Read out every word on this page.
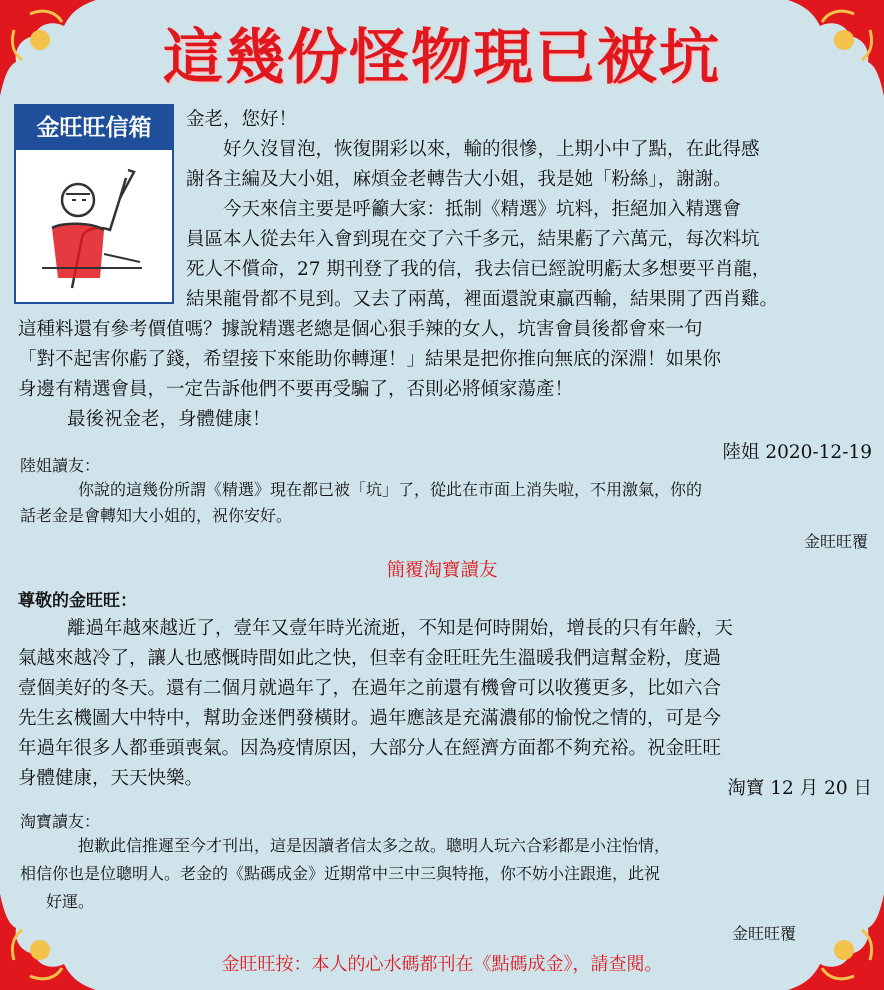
這幾份怪物現已被坑
金旺旺信箱	金老，您好！
好久沒冒泡，恢復開彩以來，輸的很慘，上期小中了點，在此得感
謝各主編及大小姐，麻煩金老轉告大小姐，我是她「粉絲」，謝謝。
今天來信主要是呼籲大家：抵制《精選》坑料，拒絕加入精選會
員區本人從去年入會到現在交了六千多元，結果虧了六萬元，每次料坑
死人不償命，27 期刊登了我的信，我去信已經說明虧太多想要平肖龍，
結果龍骨都不見到。又去了兩萬，裡面還說東贏西輸，結果開了西肖雞。
這種料還有參考價值嗎？據說精選老總是個心狠手辣的女人，坑害會員後都會來一句
「對不起害你虧了錢，希望接下來能助你轉運！」結果是把你推向無底的深淵！如果你
身邊有精選會員，一定告訴他們不要再受騙了，否則必將傾家蕩產！
最後祝金老，身體健康！
陸姐 2020-12-19
陸姐讀友：
你說的這幾份所謂《精選》現在都已被「坑」了，從此在市面上消失啦，不用激氣，你的
話老金是會轉知大小姐的，祝你安好。
金旺旺覆
簡覆淘寶讀友
尊敬的金旺旺：
離過年越來越近了，壹年又壹年時光流逝，不知是何時開始，增長的只有年齡，天
氣越來越冷了，讓人也感慨時間如此之快，但幸有金旺旺先生溫暖我們這幫金粉，度過
壹個美好的冬天。還有二個月就過年了，在過年之前還有機會可以收獲更多，比如六合
先生玄機圖大中特中，幫助金迷們發橫財。過年應該是充滿濃郁的愉悅之情的，可是今
年過年很多人都垂頭喪氣。因為疫情原因，大部分人在經濟方面都不夠充裕。祝金旺旺
身體健康，天天快樂。	淘寶 12 月 20 日
淘寶讀友：
抱歉此信推遲至今才刊出，這是因讀者信太多之故。聰明人玩六合彩都是小注怡情，
相信你也是位聰明人。老金的《點碼成金》近期常中三中三與特拖，你不妨小注跟進，此祝
好運。
金旺旺覆
金旺旺按：本人的心水碼都刊在《點碼成金》，請查閱。
